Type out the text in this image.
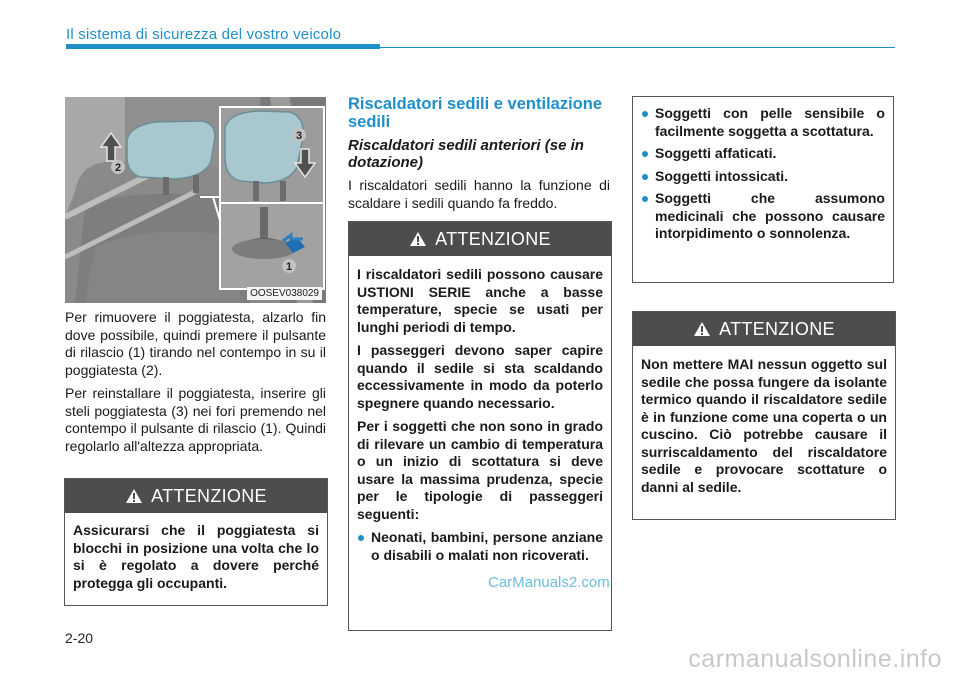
Il sistema di sicurezza del vostro veicolo
2
3
1
OOSEV038029

Per rimuovere il poggiatesta, alzarlo fin dove possibile, quindi premere il pulsante di rilascio (1) tirando nel contempo in su il poggiatesta (2).

Per reinstallare il poggiatesta, inserire gli steli poggiatesta (3) nei fori premendo nel contempo il pulsante di rilascio (1). Quindi regolarlo all'altezza appropriata.

ATTENZIONE

Assicurarsi che il poggiatesta si blocchi in posizione una volta che lo si è regolato a dovere perché protegga gli occupanti.

Riscaldatori sedili e ventilazione sedili
Riscaldatori sedili anteriori (se in dotazione)

I riscaldatori sedili hanno la funzione di scaldare i sedili quando fa freddo.

ATTENZIONE

I riscaldatori sedili possono causare USTIONI SERIE anche a basse temperature, specie se usati per lunghi periodi di tempo.

I passeggeri devono saper capire quando il sedile si sta scaldando eccessivamente in modo da poterlo spegnere quando necessario.

Per i soggetti che non sono in grado di rilevare un cambio di temperatura o un inizio di scottatura si deve usare la massima prudenza, specie per le tipologie di passeggeri seguenti:

Neonati, bambini, persone anziane o disabili o malati non ricoverati.
Soggetti con pelle sensibile o facilmente soggetta a scottatura.
Soggetti affaticati.
Soggetti intossicati.
Soggetti che assumono medicinali che possono causare intorpidimento o sonnolenza.
ATTENZIONE

Non mettere MAI nessun oggetto sul sedile che possa fungere da isolante termico quando il riscaldatore sedile è in funzione come una coperta o un cuscino. Ciò potrebbe causare il surriscaldamento del riscaldatore sedile e provocare scottature o danni al sedile.

2-20
CarManuals2.com
carmanualsonline.info
